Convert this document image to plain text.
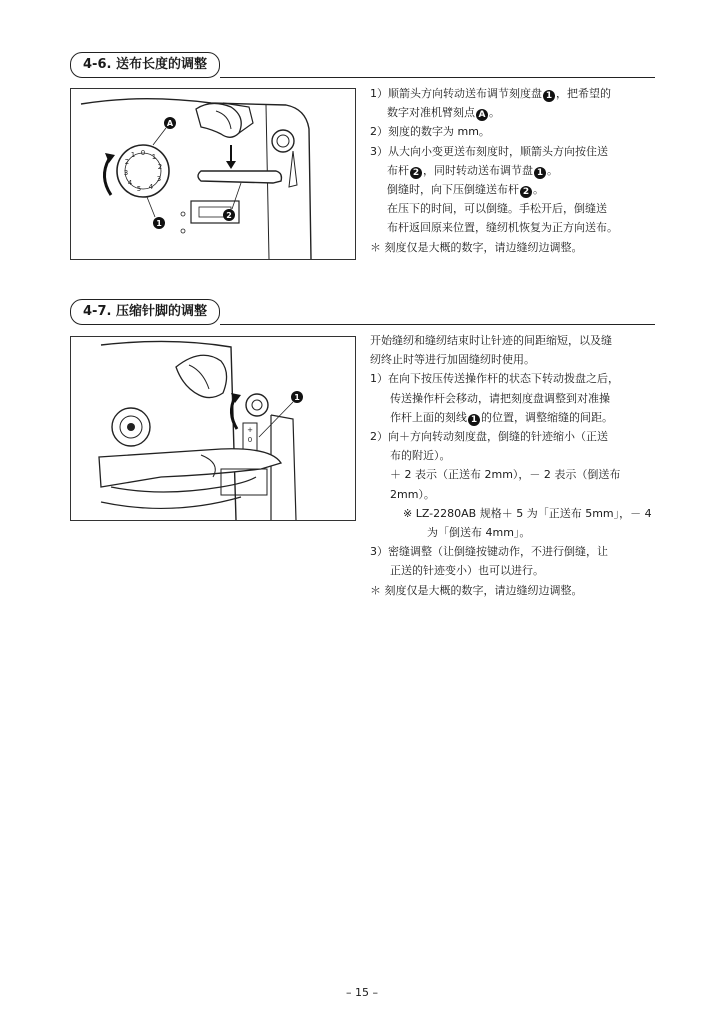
4-6. 送布长度的调整
0 1
2
3
4
5
4
3
2
1
A
1
2
1）顺箭头方向转动送布调节刻度盘 1 ，把希望的
数字对准机臂刻点 A 。
2）刻度的数字为 mm。
3）从大向小变更送布刻度时，顺箭头方向按住送
布杆 2 ，同时转动送布调节盘 1 。
倒缝时，向下压倒缝送布杆 2 。
在压下的时间，可以倒缝。手松开后，倒缝送
布杆返回原来位置，缝纫机恢复为正方向送布。
＊ 刻度仅是大概的数字，请边缝纫边调整。
4-7. 压缩针脚的调整
+
0
1
开始缝纫和缝纫结束时让针迹的间距缩短，以及缝
纫终止时等进行加固缝纫时使用。
1）在向下按压传送操作杆的状态下转动拨盘之后，
传送操作杆会移动，请把刻度盘调整到对准操
作杆上面的刻线 1 的位置，调整缩缝的间距。
2）向＋方向转动刻度盘，倒缝的针迹缩小（正送
布的附近）。
＋ 2 表示（正送布 2mm），－ 2 表示（倒送布
2mm）。
※ LZ-2280AB 规格＋ 5 为「正送布 5mm」，－ 4
为「倒送布 4mm」。
3）密缝调整（让倒缝按键动作，不进行倒缝，让
正送的针迹变小）也可以进行。
＊ 刻度仅是大概的数字，请边缝纫边调整。
– 15 –
